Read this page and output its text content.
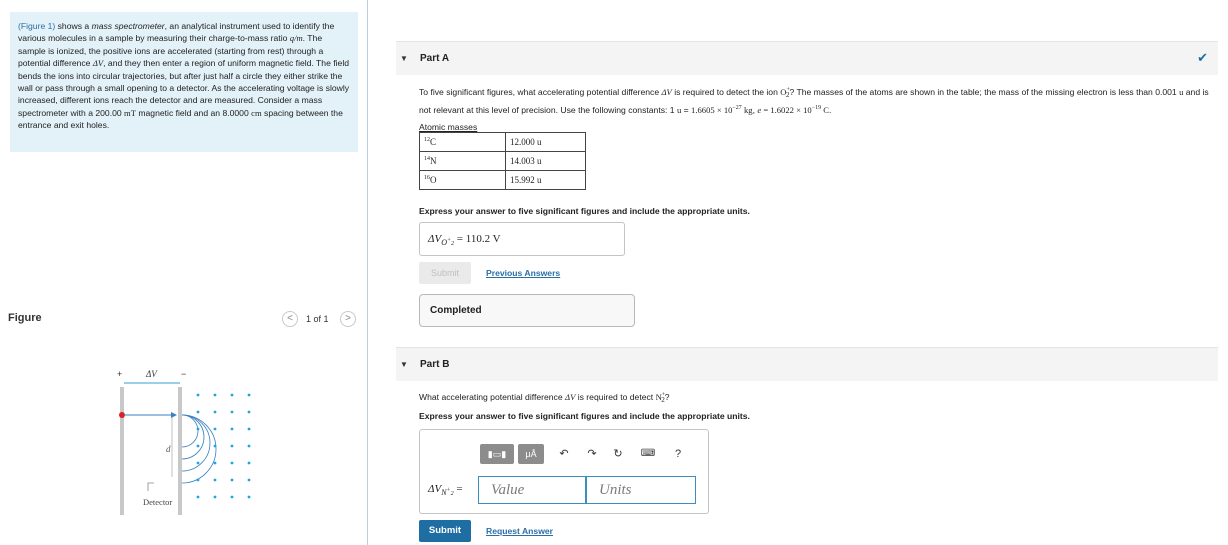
(Figure 1) shows a mass spectrometer, an analytical instrument used to identify the various molecules in a sample by measuring their charge-to-mass ratio q/m. The sample is ionized, the positive ions are accelerated (starting from rest) through a potential difference ΔV, and they then enter a region of uniform magnetic field. The field bends the ions into circular trajectories, but after just half a circle they either strike the wall or pass through a small opening to a detector. As the accelerating voltage is slowly increased, different ions reach the detector and are measured. Consider a mass spectrometer with a 200.00 mT magnetic field and an 8.0000 cm spacing between the entrance and exit holes.
Figure	<	1 of 1	>
+	ΔV	−
d
Detector
▼ Part A	✔
To five significant figures, what accelerating potential difference ΔV is required to detect the ion $O^+_2$? The masses of the atoms are shown in the table; the mass of the missing electron is less than 0.001 u and is not relevant at this level of precision. Use the following constants: 1 $u = 1.6605 \times 10^{-27}$ kg, $e = 1.6022 \times 10^{-19}$ C.
Atomic masses
$^{12}$C	12.000 u
$^{14}$N	14.003 u
$^{16}$O	15.992 u
Express your answer to five significant figures and include the appropriate units.
$\Delta V_{O^+2} = 110.2$ V
Submit	Previous Answers
Completed
▼ Part B
What accelerating potential difference ΔV is required to detect $N^+_2$?
Express your answer to five significant figures and include the appropriate units.
▮▭▮	μÅ	↶	↷	↻	⌨	?
$\Delta V_{N^+2}$ =	Value	Units
Submit	Request Answer
